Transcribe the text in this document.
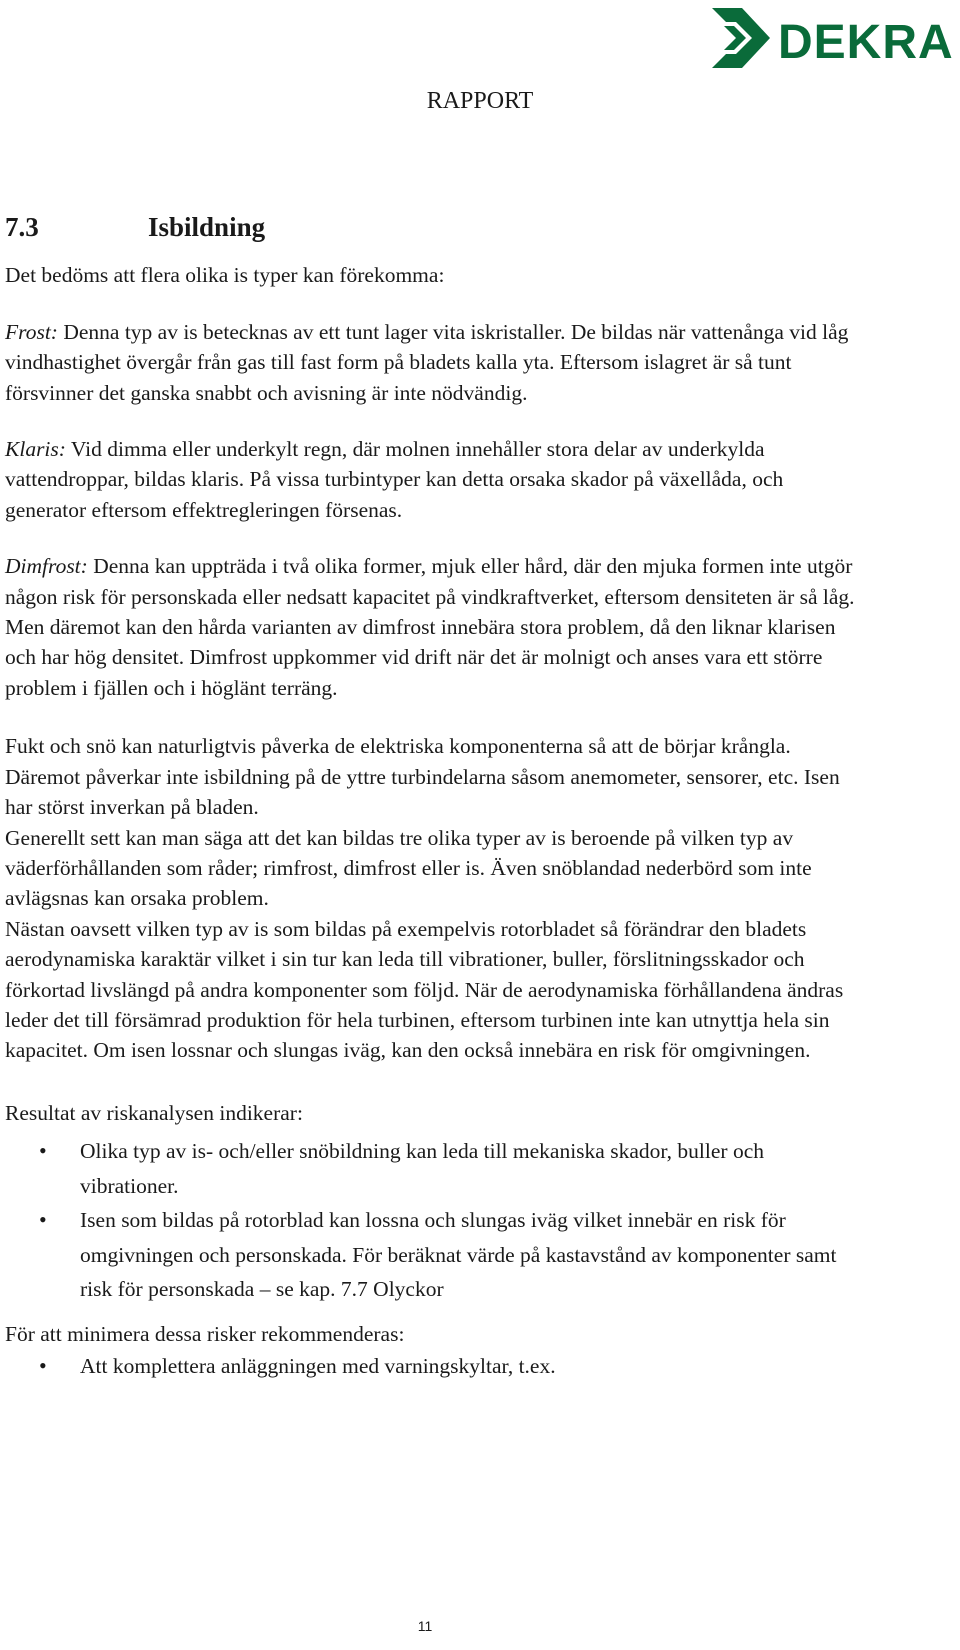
DEKRA
RAPPORT
7.3	Isbildning

Det bedöms att flera olika is typer kan förekomma:

Frost: Denna typ av is betecknas av ett tunt lager vita iskristaller. De bildas när vattenånga vid låg vindhastighet övergår från gas till fast form på bladets kalla yta. Eftersom islagret är så tunt försvinner det ganska snabbt och avisning är inte nödvändig.

Klaris: Vid dimma eller underkylt regn, där molnen innehåller stora delar av underkylda vattendroppar, bildas klaris. På vissa turbintyper kan detta orsaka skador på växellåda, och generator eftersom effektregleringen försenas.

Dimfrost: Denna kan uppträda i två olika former, mjuk eller hård, där den mjuka formen inte utgör någon risk för personskada eller nedsatt kapacitet på vindkraftverket, eftersom densiteten är så låg. Men däremot kan den hårda varianten av dimfrost innebära stora problem, då den liknar klarisen och har hög densitet. Dimfrost uppkommer vid drift när det är molnigt och anses vara ett större problem i fjällen och i höglänt terräng.

Fukt och snö kan naturligtvis påverka de elektriska komponenterna så att de börjar krångla. Däremot påverkar inte isbildning på de yttre turbindelarna såsom anemometer, sensorer, etc. Isen har störst inverkan på bladen.

Generellt sett kan man säga att det kan bildas tre olika typer av is beroende på vilken typ av väderförhållanden som råder; rimfrost, dimfrost eller is. Även snöblandad nederbörd som inte avlägsnas kan orsaka problem.

Nästan oavsett vilken typ av is som bildas på exempelvis rotorbladet så förändrar den bladets aerodynamiska karaktär vilket i sin tur kan leda till vibrationer, buller, förslitningsskador och förkortad livslängd på andra komponenter som följd. När de aerodynamiska förhållandena ändras leder det till försämrad produktion för hela turbinen, eftersom turbinen inte kan utnyttja hela sin kapacitet. Om isen lossnar och slungas iväg, kan den också innebära en risk för omgivningen.

Resultat av riskanalysen indikerar:

• Olika typ av is- och/eller snöbildning kan leda till mekaniska skador, buller och vibrationer.
• Isen som bildas på rotorblad kan lossna och slungas iväg vilket innebär en risk för omgivningen och personskada. För beräknat värde på kastavstånd av komponenter samt risk för personskada – se kap. 7.7 Olyckor

För att minimera dessa risker rekommenderas:

• Att komplettera anläggningen med varningskyltar, t.ex.
11
